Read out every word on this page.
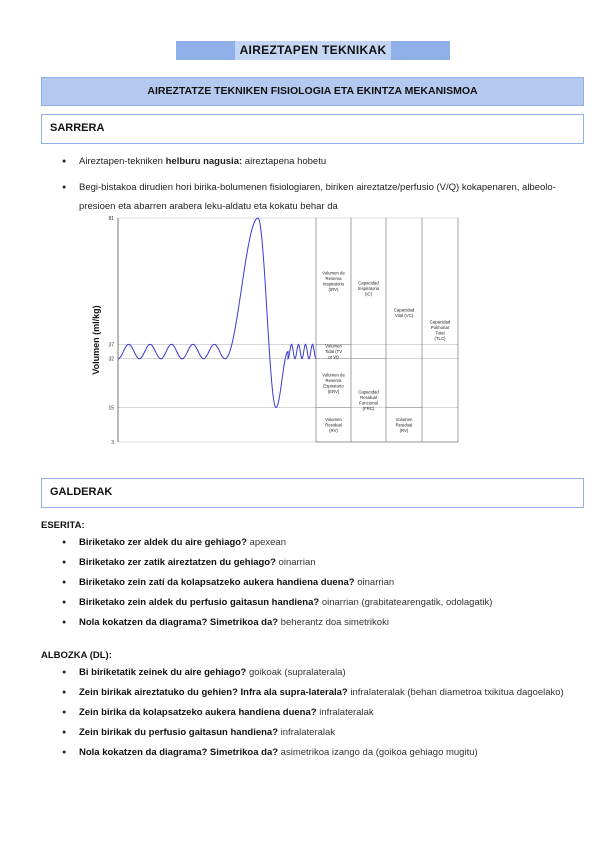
AIREZTAPEN TEKNIKAK
AIREZTATZE TEKNIKEN FISIOLOGIA ETA EKINTZA MEKANISMOA
SARRERA
● Aireztapen-tekniken helburu nagusia: aireztapena hobetu
● Begi-bistakoa dirudien hori birika-bolumenen fisiologiaren, biriken aireztatze/perfusio (V/Q) kokapenaren, albeolo-presioen eta abarren arabera leku-aldatu eta kokatu behar da
3
15
32
37
81
Volumen de Reserva Inspiratorio (IRV)
Volumen Tidal (TV or Vt)
Volumen de Reserva Espiratorio (ERV)
Volumen Residual (RV)
Capacidad Inspiratoria (IC)
Capacidad Residual Funcional (FRC)
Capacidad Vital (VC)
Volumen Residual (RV)
Capacidad Pulmonar Total (TLC)
Volumen (ml/kg)
GALDERAK
ESERITA:
● Biriketako zer aldek du aire gehiago? apexean
● Biriketako zer zatik aireztatzen du gehiago? oinarrian
● Biriketako zein zatí da kolapsatzeko aukera handiena duena? oinarrian
● Biriketako zein aldek du perfusio gaitasun handiena? oinarrian (grabitatearengatik, odolagatik)
● Nola kokatzen da diagrama? Simetrikoa da? beherantz doa simetrikoki
ALBOZKA (DL):
● Bi biriketatik zeinek du aire gehiago? goikoak (supralaterala)
● Zein birikak aireztatuko du gehien? Infra ala supra-laterala? infralateralak (behan diametroa txikitua dagoelako)
● Zein birika da kolapsatzeko aukera handiena duena? infralateralak
● Zein birikak du perfusio gaitasun handiena? infralateralak
● Nola kokatzen da diagrama? Simetrikoa da? asimetrikoa izango da (goikoa gehiago mugitu)
